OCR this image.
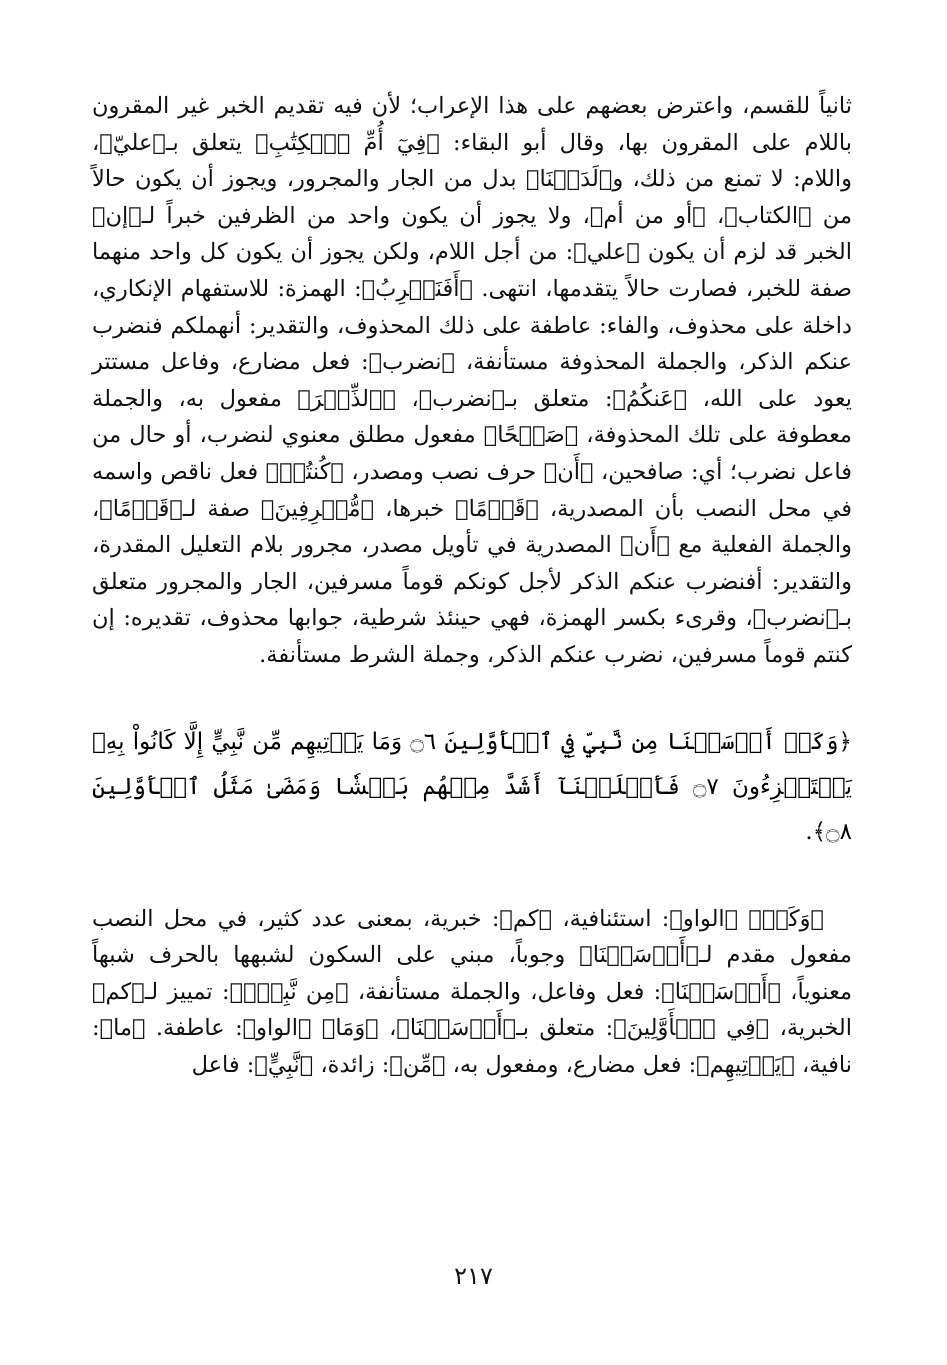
ثانياً للقسم، واعترض بعضهم على هذا الإعراب؛ لأن فيه تقديم الخبر غير المقرون باللام على المقرون بها، وقال أبو البقاء: ﴿فِيٓ أُمِّ ٱلۡكِتَٰبِ﴾ يتعلق بـ﴿عليّ﴾، واللام: لا تمنع من ذلك، و﴿لَدَيۡنَا﴾ بدل من الجار والمجرور، ويجوز أن يكون حالاً من ﴿الكتاب﴾، ﴿أو من أم﴾، ولا يجوز أن يكون واحد من الظرفين خبراً لـ﴿إن﴾ الخبر قد لزم أن يكون ﴿علي﴾: من أجل اللام، ولكن يجوز أن يكون كل واحد منهما صفة للخبر، فصارت حالاً يتقدمها، انتهى. ﴿أَفَنَضۡرِبُ﴾: الهمزة: للاستفهام الإنكاري، داخلة على محذوف، والفاء: عاطفة على ذلك المحذوف، والتقدير: أنهملكم فنضرب عنكم الذكر، والجملة المحذوفة مستأنفة، ﴿نضرب﴾: فعل مضارع، وفاعل مستتر يعود على الله، ﴿عَنكُمُ﴾: متعلق بـ﴿نضرب﴾، ﴿ٱلذِّكۡرَ﴾ مفعول به، والجملة معطوفة على تلك المحذوفة، ﴿صَفۡحًا﴾ مفعول مطلق معنوي لنضرب، أو حال من فاعل نضرب؛ أي: صافحين، ﴿أَن﴾ حرف نصب ومصدر، ﴿كُنتُمۡ﴾ فعل ناقص واسمه في محل النصب بأن المصدرية، ﴿قَوۡمًا﴾ خبرها، ﴿مُّسۡرِفِينَ﴾ صفة لـ﴿قَوۡمًا﴾، والجملة الفعلية مع ﴿أَن﴾ المصدرية في تأويل مصدر، مجرور بلام التعليل المقدرة، والتقدير: أفنضرب عنكم الذكر لأجل كونكم قوماً مسرفين، الجار والمجرور متعلق بـ﴿نضرب﴾، وقرىء بكسر الهمزة، فهي حينئذ شرطية، جوابها محذوف، تقديره: إن كنتم قوماً مسرفين، نضرب عنكم الذكر، وجملة الشرط مستأنفة.

﴿وَكَمۡ أَرۡسَلۡنَا مِن نَّبِيّٖ فِي ٱلۡأَوَّلِينَ ۝٦ وَمَا يَأۡتِيهِم مِّن نَّبِيٍّ إِلَّا كَانُواْ بِهِۦ يَسۡتَهۡزِءُونَ ۝٧ فَأَهۡلَكۡنَآ أَشَدَّ مِنۡهُم بَطۡشٗا وَمَضَىٰ مَثَلُ ٱلۡأَوَّلِينَ ۝٨﴾.

﴿وَكَمۡ﴾ ﴿الواو﴾: استئنافية، ﴿كم﴾: خبرية، بمعنى عدد كثير، في محل النصب مفعول مقدم لـ﴿أَرۡسَلۡنَا﴾ وجوباً، مبني على السكون لشبهها بالحرف شبهاً معنوياً، ﴿أَرۡسَلۡنَا﴾: فعل وفاعل، والجملة مستأنفة، ﴿مِن نَّبِيّٖ﴾: تمييز لـ﴿كم﴾ الخبرية، ﴿فِي ٱلۡأَوَّلِينَ﴾: متعلق بـ﴿أَرۡسَلۡنَا﴾، ﴿وَمَا﴾ ﴿الواو﴾: عاطفة. ﴿ما﴾: نافية، ﴿يَأۡتِيهِم﴾: فعل مضارع، ومفعول به، ﴿مِّن﴾: زائدة، ﴿نَّبِيٍّ﴾: فاعل

٢١٧
